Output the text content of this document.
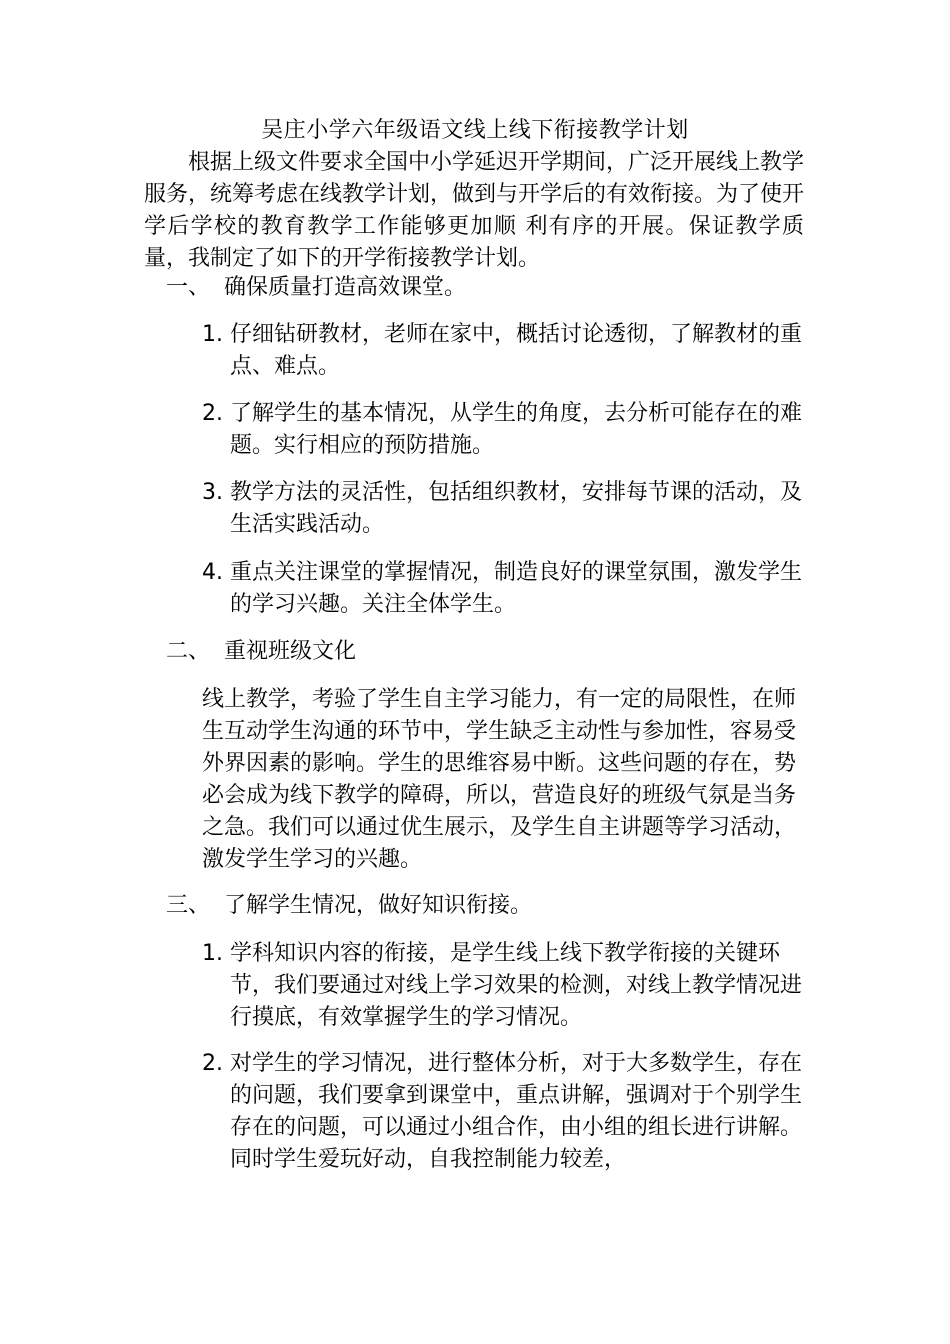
吴庄小学六年级语文线上线下衔接教学计划
根据上级文件要求全国中小学延迟开学期间，广泛开展线上教学服务，统筹考虑在线教学计划，做到与开学后的有效衔接。为了使开学后学校的教育教学工作能够更加顺 利有序的开展。保证教学质量，我制定了如下的开学衔接教学计划。
一、 确保质量打造高效课堂。
1. 仔细钻研教材，老师在家中，概括讨论透彻，了解教材的重点、难点。
2. 了解学生的基本情况，从学生的角度，去分析可能存在的难题。实行相应的预防措施。
3. 教学方法的灵活性，包括组织教材，安排每节课的活动，及生活实践活动。
4. 重点关注课堂的掌握情况，制造良好的课堂氛围，激发学生的学习兴趣。关注全体学生。
二、 重视班级文化
线上教学，考验了学生自主学习能力，有一定的局限性，在师生互动学生沟通的环节中，学生缺乏主动性与参加性，容易受外界因素的影响。学生的思维容易中断。这些问题的存在，势必会成为线下教学的障碍，所以，营造良好的班级气氛是当务之急。我们可以通过优生展示，及学生自主讲题等学习活动，激发学生学习的兴趣。
三、 了解学生情况，做好知识衔接。
1. 学科知识内容的衔接，是学生线上线下教学衔接的关键环节，我们要通过对线上学习效果的检测，对线上教学情况进行摸底，有效掌握学生的学习情况。
2. 对学生的学习情况，进行整体分析，对于大多数学生，存在的问题，我们要拿到课堂中，重点讲解，强调对于个别学生存在的问题，可以通过小组合作，由小组的组长进行讲解。同时学生爱玩好动，自我控制能力较差，
